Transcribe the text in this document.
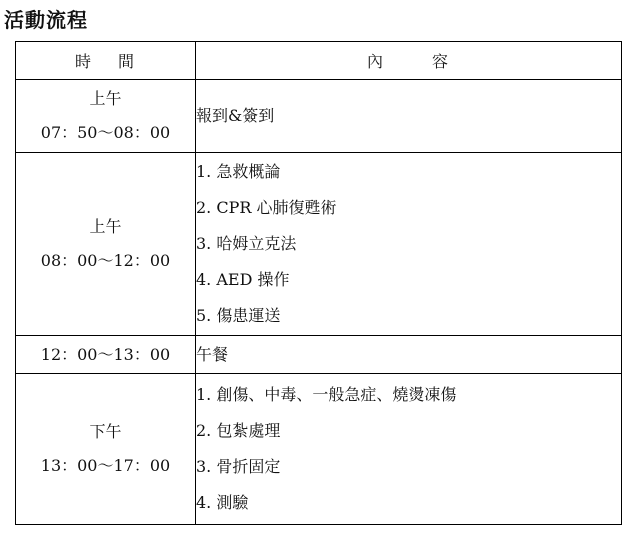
活動流程
時 間	內 容

上午
07：50～08：00	報到&簽到

上午
08：00～12：00	1. 急救概論
2. CPR 心肺復甦術
3. 哈姆立克法
4. AED 操作
5. 傷患運送

12：00～13：00	午餐

下午
13：00～17：00	1. 創傷、中毒、一般急症、燒燙凍傷
2. 包紮處理
3. 骨折固定
4. 測驗
